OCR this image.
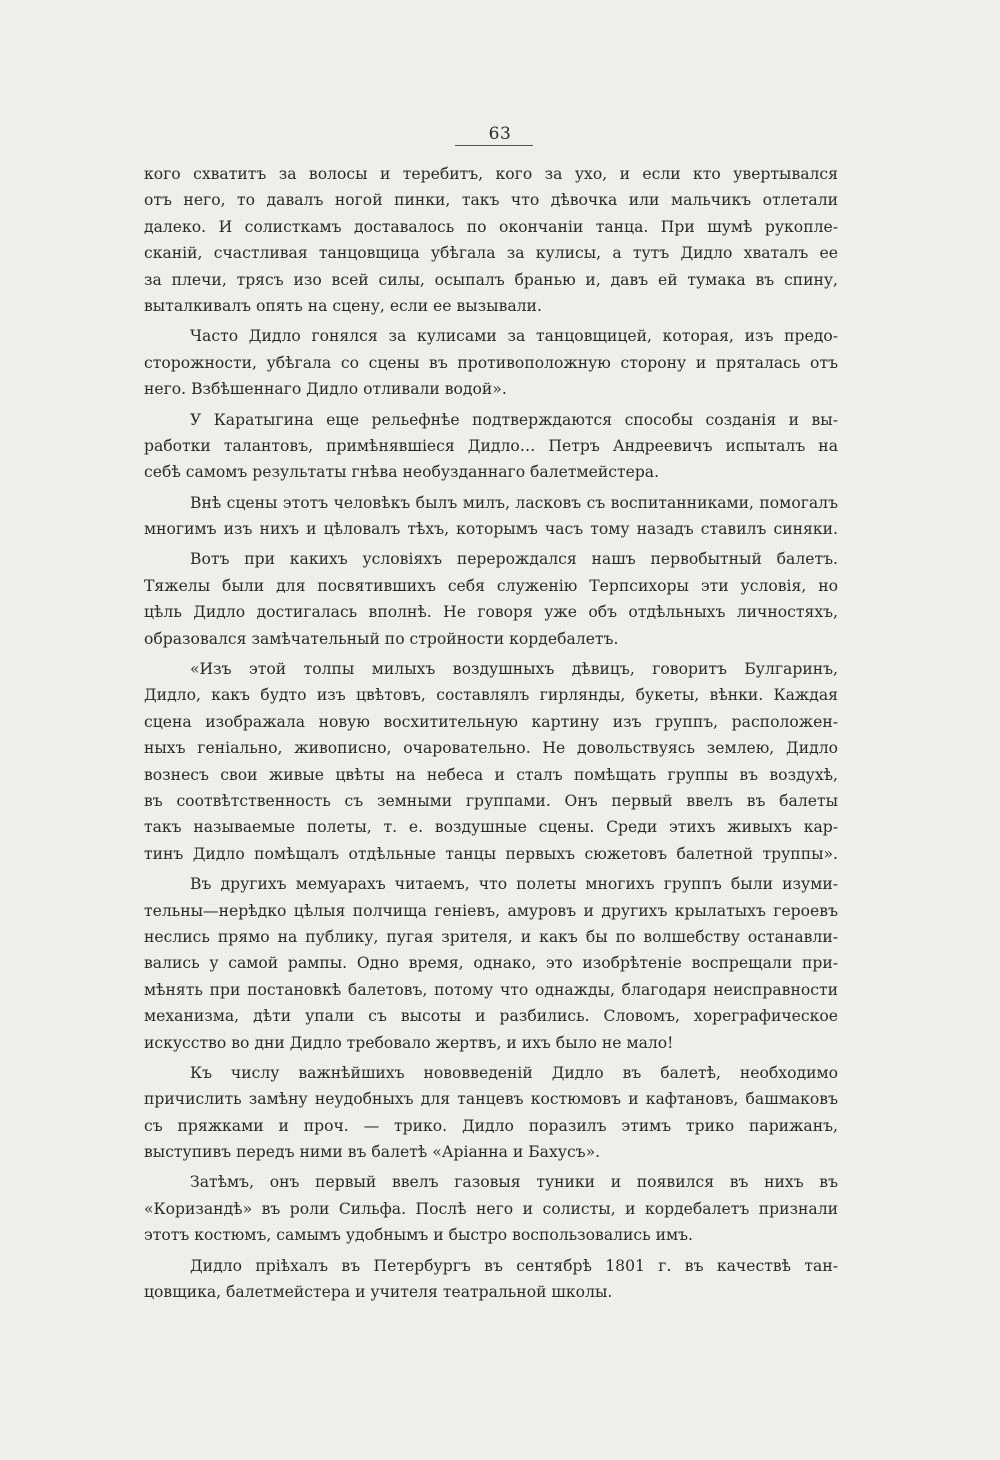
63
кого схватитъ за волосы и теребитъ, кого за ухо, и если кто увертывался
отъ него, то давалъ ногой пинки, такъ что дѣвочка или мальчикъ отлетали
далеко. И солисткамъ доставалось по окончанiи танца. При шумѣ рукопле-
сканiй, счастливая танцовщица убѣгала за кулисы, а тутъ Дидло хваталъ ее
за плечи, трясъ изо всей силы, осыпалъ бранью и, давъ ей тумака въ спину,
выталкивалъ опять на сцену, если ее вызывали.
Часто Дидло гонялся за кулисами за танцовщицей, которая, изъ предо-
сторожности, убѣгала со сцены въ противоположную сторону и пряталась отъ
него. Взбѣшеннаго Дидло отливали водой».
У Каратыгина еще рельефнѣе подтверждаются способы созданiя и вы-
работки талантовъ, примѣнявшiеся Дидло… Петръ Андреевичъ испыталъ на
себѣ самомъ результаты гнѣва необузданнаго балетмейстера.
Внѣ сцены этотъ человѣкъ былъ милъ, ласковъ съ воспитанниками, помогалъ
многимъ изъ нихъ и цѣловалъ тѣхъ, которымъ часъ тому назадъ ставилъ синяки.
Вотъ при какихъ условiяхъ перерождался нашъ первобытный балетъ.
Тяжелы были для посвятившихъ себя служенiю Терпсихоры эти условiя, но
цѣль Дидло достигалась вполнѣ. Не говоря уже объ отдѣльныхъ личностяхъ,
образовался замѣчательный по стройности кордебалетъ.
«Изъ этой толпы милыхъ воздушныхъ дѣвицъ, говоритъ Булгаринъ,
Дидло, какъ будто изъ цвѣтовъ, составлялъ гирлянды, букеты, вѣнки. Каждая
сцена изображала новую восхитительную картину изъ группъ, расположен-
ныхъ генiально, живописно, очаровательно. Не довольствуясь землею, Дидло
вознесъ свои живые цвѣты на небеса и сталъ помѣщать группы въ воздухѣ,
въ соотвѣтственность съ земными группами. Онъ первый ввелъ въ балеты
такъ называемые полеты, т. е. воздушные сцены. Среди этихъ живыхъ кар-
тинъ Дидло помѣщалъ отдѣльные танцы первыхъ сюжетовъ балетной труппы».
Въ другихъ мемуарахъ читаемъ, что полеты многихъ группъ были изуми-
тельны—нерѣдко цѣлыя полчища генiевъ, амуровъ и другихъ крылатыхъ героевъ
неслись прямо на публику, пугая зрителя, и какъ бы по волшебству останавли-
вались у самой рампы. Одно время, однако, это изобрѣтенiе воспрещали при-
мѣнять при постановкѣ балетовъ, потому что однажды, благодаря неисправности
механизма, дѣти упали съ высоты и разбились. Словомъ, хореграфическое
искусство во дни Дидло требовало жертвъ, и ихъ было не мало!
Къ числу важнѣйшихъ нововведенiй Дидло въ балетѣ, необходимо
причислить замѣну неудобныхъ для танцевъ костюмовъ и кафтановъ, башмаковъ
съ пряжками и проч. — трико. Дидло поразилъ этимъ трико парижанъ,
выступивъ передъ ними въ балетѣ «Арiанна и Бахусъ».
Затѣмъ, онъ первый ввелъ газовыя туники и появился въ нихъ въ
«Коризандѣ» въ роли Сильфа. Послѣ него и солисты, и кордебалетъ признали
этотъ костюмъ, самымъ удобнымъ и быстро воспользовались имъ.
Дидло прiѣхалъ въ Петербургъ въ сентябрѣ 1801 г. въ качествѣ тан-
цовщика, балетмейстера и учителя театральной школы.
